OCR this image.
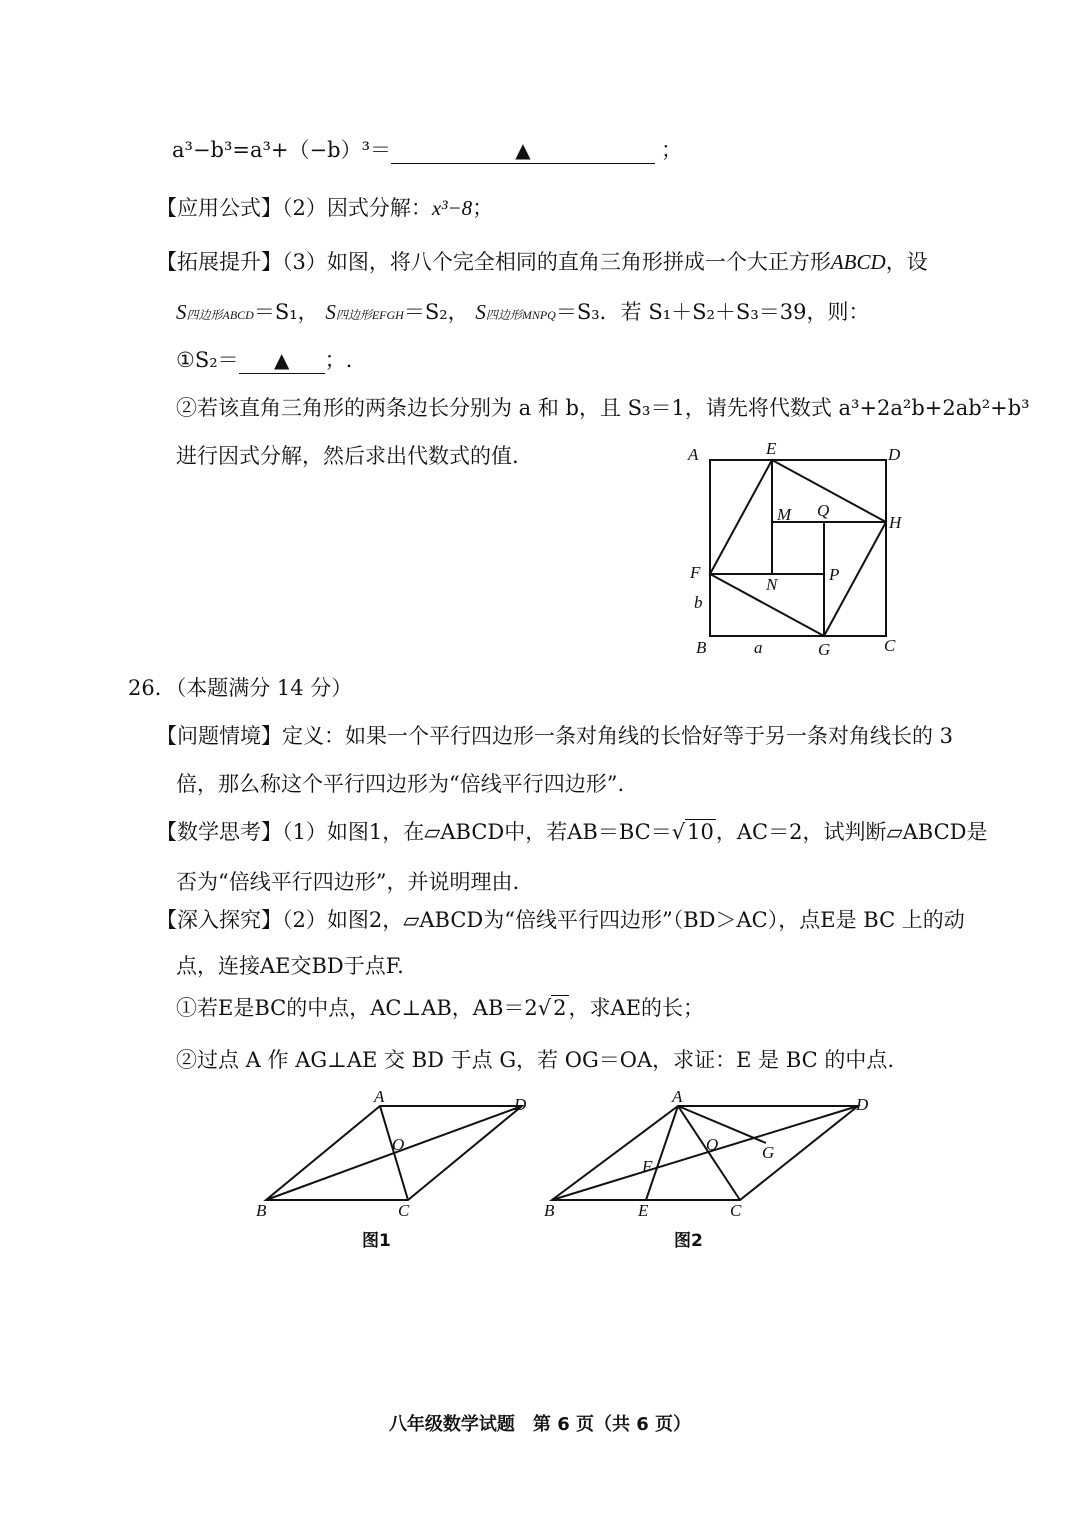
a³−b³=a³+（−b）³＝	▲	；
【应用公式】（2）因式分解：x³−8；
【拓展提升】（3）如图，将八个完全相同的直角三角形拼成一个大正方形ABCD，设
S四边形ABCD＝S₁， S四边形EFGH＝S₂， S四边形MNPQ＝S₃．若 S₁＋S₂＋S₃＝39，则：
①S₂＝ ▲ ；.
②若该直角三角形的两条边长分别为 a 和 b，且 S₃＝1，请先将代数式 a³+2a²b+2ab²+b³
进行因式分解，然后求出代数式的值.	A	E	D
M Q
H
F
N
P
b
B	a	G	C
26．（本题满分 14 分）
【问题情境】定义：如果一个平行四边形一条对角线的长恰好等于另一条对角线长的 3
倍，那么称这个平行四边形为“倍线平行四边形”.
【数学思考】（1）如图1，在▱ABCD中，若AB＝BC＝√10，AC＝2，试判断▱ABCD是
否为“倍线平行四边形”，并说明理由.
【深入探究】（2）如图2，▱ABCD为“倍线平行四边形”（BD＞AC），点E是 BC 上的动
点，连接AE交BD于点F.
①若E是BC的中点，AC⊥AB，AB＝2√2，求AE的长；
②过点 A 作 AG⊥AE 交 BD 于点 G，若 OG＝OA，求证：E 是 BC 的中点.
A	D
O
B	C
图1
A	D
O	G
F
B	E	C
图2
八年级数学试题　第 6 页（共 6 页）
